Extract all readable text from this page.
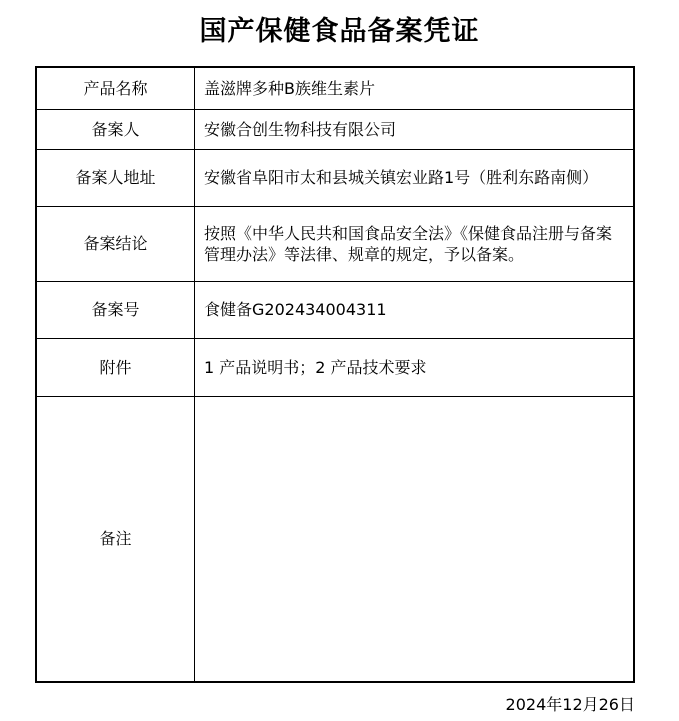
国产保健食品备案凭证
产品名称	盖滋牌多种B族维生素片
备案人	安徽合创生物科技有限公司
备案人地址	安徽省阜阳市太和县城关镇宏业路1号（胜利东路南侧）
备案结论	按照《中华人民共和国食品安全法》《保健食品注册与备案管理办法》等法律、规章的规定，予以备案。
备案号	食健备G202434004311
附件	1 产品说明书；2 产品技术要求
备注	
2024年12月26日
